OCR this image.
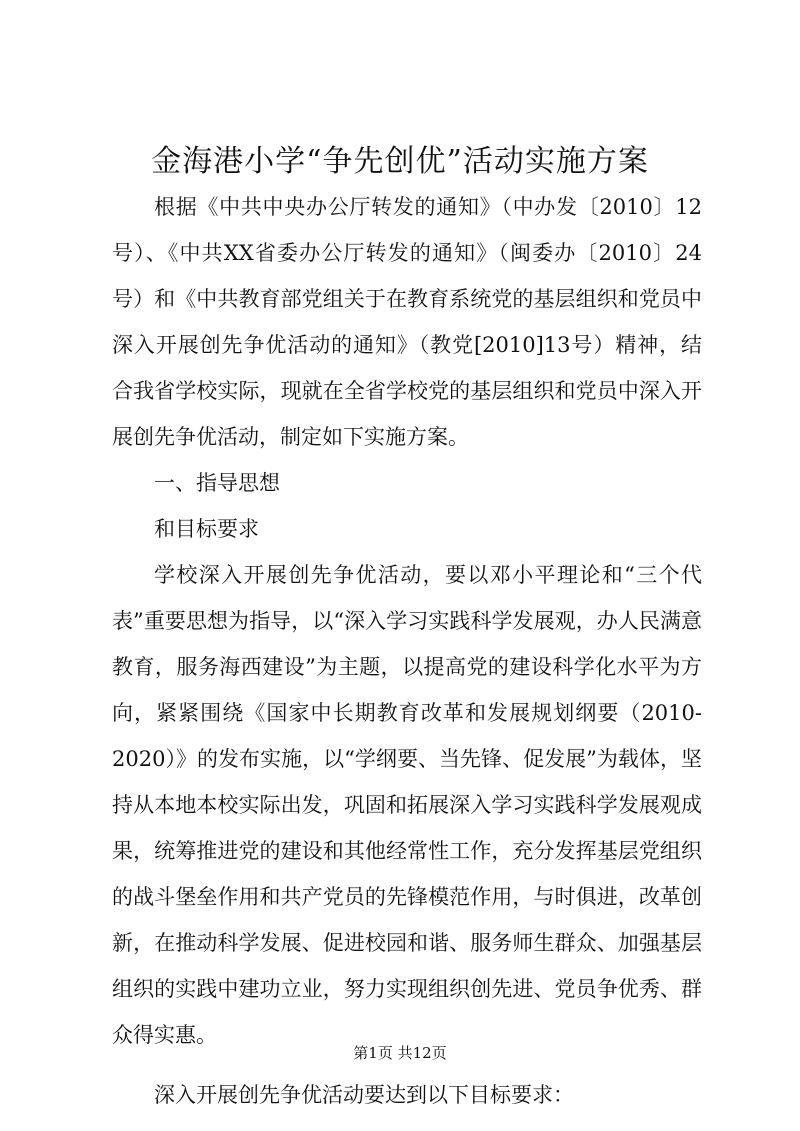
金海港小学“争先创优”活动实施方案

根据《中共中央办公厅转发的通知》（中办发〔2010〕12号）、《中共XX省委办公厅转发的通知》（闽委办〔2010〕24号）和《中共教育部党组关于在教育系统党的基层组织和党员中深入开展创先争优活动的通知》（教党[2010]13号）精神，结合我省学校实际，现就在全省学校党的基层组织和党员中深入开展创先争优活动，制定如下实施方案。

一、指导思想

和目标要求

学校深入开展创先争优活动，要以邓小平理论和“三个代表”重要思想为指导，以“深入学习实践科学发展观，办人民满意教育，服务海西建设”为主题，以提高党的建设科学化水平为方向，紧紧围绕《国家中长期教育改革和发展规划纲要（2010-2020）》的发布实施，以“学纲要、当先锋、促发展”为载体，坚持从本地本校实际出发，巩固和拓展深入学习实践科学发展观成果，统筹推进党的建设和其他经常性工作，充分发挥基层党组织的战斗堡垒作用和共产党员的先锋模范作用，与时俱进，改革创新，在推动科学发展、促进校园和谐、服务师生群众、加强基层组织的实践中建功立业，努力实现组织创先进、党员争优秀、群众得实惠。

深入开展创先争优活动要达到以下目标要求：

第1页 共12页
